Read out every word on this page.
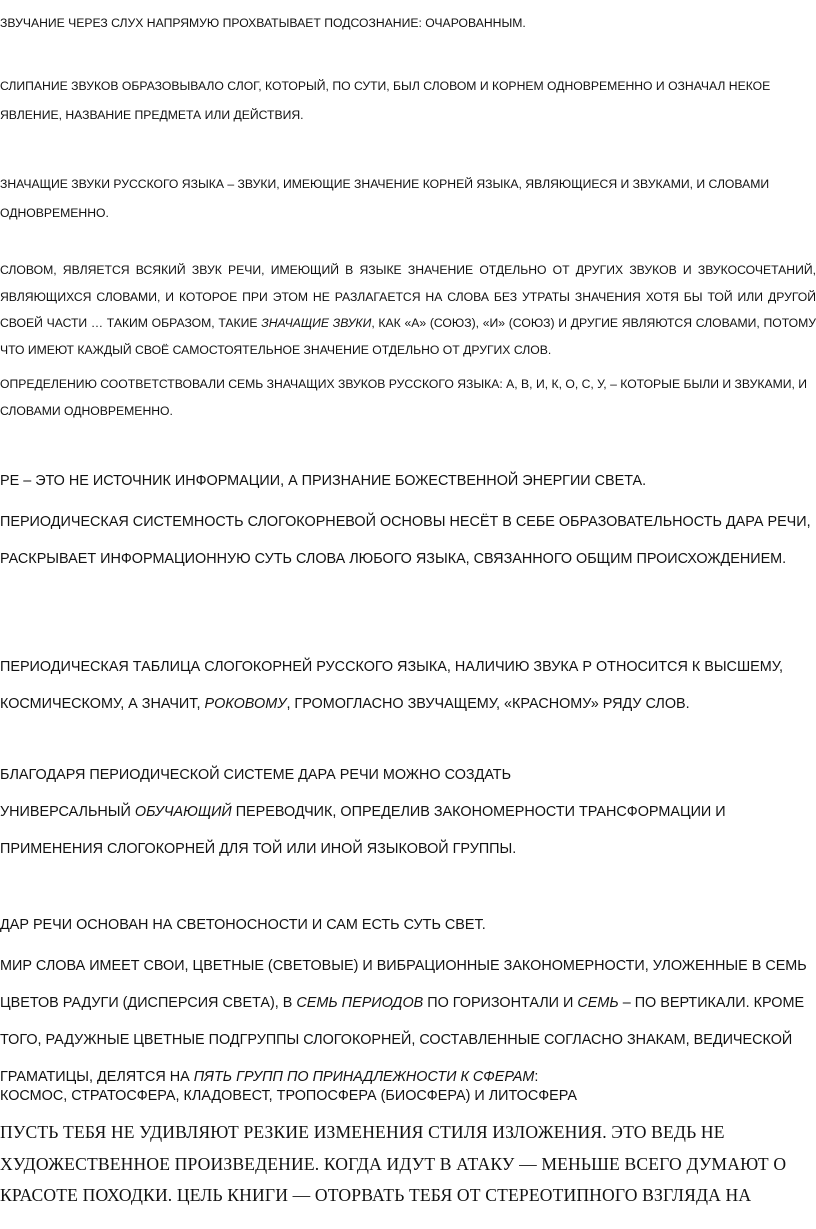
ЗВУЧАНИЕ ЧЕРЕЗ СЛУХ НАПРЯМУЮ ПРОХВАТЫВАЕТ ПОДСОЗНАНИЕ: ОЧАРОВАННЫМ.

СЛИПАНИЕ ЗВУКОВ ОБРАЗОВЫВАЛО СЛОГ, КОТОРЫЙ, ПО СУТИ, БЫЛ СЛОВОМ И КОРНЕМ ОДНОВРЕМЕННО И ОЗНАЧАЛ НЕКОЕ ЯВЛЕНИЕ, НАЗВАНИЕ ПРЕДМЕТА ИЛИ ДЕЙСТВИЯ.

ЗНАЧАЩИЕ ЗВУКИ РУССКОГО ЯЗЫКА – ЗВУКИ, ИМЕЮЩИЕ ЗНАЧЕНИЕ КОРНЕЙ ЯЗЫКА, ЯВЛЯЮЩИЕСЯ И ЗВУКАМИ, И СЛОВАМИ ОДНОВРЕМЕННО.

СЛОВОМ, ЯВЛЯЕТСЯ ВСЯКИЙ ЗВУК РЕЧИ, ИМЕЮЩИЙ В ЯЗЫКЕ ЗНАЧЕНИЕ ОТДЕЛЬНО ОТ ДРУГИХ ЗВУКОВ И ЗВУКОСОЧЕТАНИЙ, ЯВЛЯЮЩИХСЯ СЛОВАМИ, И КОТОРОЕ ПРИ ЭТОМ НЕ РАЗЛАГАЕТСЯ НА СЛОВА БЕЗ УТРАТЫ ЗНАЧЕНИЯ ХОТЯ БЫ ТОЙ ИЛИ ДРУГОЙ СВОЕЙ ЧАСТИ … ТАКИМ ОБРАЗОМ, ТАКИЕ ЗНАЧАЩИЕ ЗВУКИ, КАК «А» (СОЮЗ), «И» (СОЮЗ) И ДРУГИЕ ЯВЛЯЮТСЯ СЛОВАМИ, ПОТОМУ ЧТО ИМЕЮТ КАЖДЫЙ СВОЁ САМОСТОЯТЕЛЬНОЕ ЗНАЧЕНИЕ ОТДЕЛЬНО ОТ ДРУГИХ СЛОВ.

ОПРЕДЕЛЕНИЮ СООТВЕТСТВОВАЛИ СЕМЬ ЗНАЧАЩИХ ЗВУКОВ РУССКОГО ЯЗЫКА: А, В, И, К, О, С, У, – КОТОРЫЕ БЫЛИ И ЗВУКАМИ, И СЛОВАМИ ОДНОВРЕМЕННО.

РЕ – ЭТО НЕ ИСТОЧНИК ИНФОРМАЦИИ, А ПРИЗНАНИЕ БОЖЕСТВЕННОЙ ЭНЕРГИИ СВЕТА.

ПЕРИОДИЧЕСКАЯ СИСТЕМНОСТЬ СЛОГОКОРНЕВОЙ ОСНОВЫ НЕСЁТ В СЕБЕ ОБРАЗОВАТЕЛЬНОСТЬ ДАРА РЕЧИ, РАСКРЫВАЕТ ИНФОРМАЦИОННУЮ СУТЬ СЛОВА ЛЮБОГО ЯЗЫКА, СВЯЗАННОГО ОБЩИМ ПРОИСХОЖДЕНИЕМ.

ПЕРИОДИЧЕСКАЯ ТАБЛИЦА СЛОГОКОРНЕЙ РУССКОГО ЯЗЫКА, НАЛИЧИЮ ЗВУКА Р ОТНОСИТСЯ К ВЫСШЕМУ, КОСМИЧЕСКОМУ, А ЗНАЧИТ, РОКОВОМУ, ГРОМОГЛАСНО ЗВУЧАЩЕМУ, «КРАСНОМУ» РЯДУ СЛОВ.

БЛАГОДАРЯ ПЕРИОДИЧЕСКОЙ СИСТЕМЕ ДАРА РЕЧИ МОЖНО СОЗДАТЬ

УНИВЕРСАЛЬНЫЙ ОБУЧАЮЩИЙ ПЕРЕВОДЧИК, ОПРЕДЕЛИВ ЗАКОНОМЕРНОСТИ ТРАНСФОРМАЦИИ И ПРИМЕНЕНИЯ СЛОГОКОРНЕЙ ДЛЯ ТОЙ ИЛИ ИНОЙ ЯЗЫКОВОЙ ГРУППЫ.

ДАР РЕЧИ ОСНОВАН НА СВЕТОНОСНОСТИ И САМ ЕСТЬ СУТЬ СВЕТ.

МИР СЛОВА ИМЕЕТ СВОИ, ЦВЕТНЫЕ (СВЕТОВЫЕ) И ВИБРАЦИОННЫЕ ЗАКОНОМЕРНОСТИ, УЛОЖЕННЫЕ В СЕМЬ ЦВЕТОВ РАДУГИ (ДИСПЕРСИЯ СВЕТА), В СЕМЬ ПЕРИОДОВ ПО ГОРИЗОНТАЛИ И СЕМЬ – ПО ВЕРТИКАЛИ. КРОМЕ ТОГО, РАДУЖНЫЕ ЦВЕТНЫЕ ПОДГРУППЫ СЛОГОКОРНЕЙ, СОСТАВЛЕННЫЕ СОГЛАСНО ЗНАКАМ, ВЕДИЧЕСКОЙ ГРАМАТИЦЫ, ДЕЛЯТСЯ НА ПЯТЬ ГРУПП ПО ПРИНАДЛЕЖНОСТИ К СФЕРАМ:

КОСМОС, СТРАТОСФЕРА, КЛАДОВЕСТ, ТРОПОСФЕРА (БИОСФЕРА) И ЛИТОСФЕРА

ПУСТЬ ТЕБЯ НЕ УДИВЛЯЮТ РЕЗКИЕ ИЗМЕНЕНИЯ СТИЛЯ ИЗЛОЖЕНИЯ. ЭТО ВЕДЬ НЕ ХУДОЖЕСТВЕННОЕ ПРОИЗВЕДЕНИЕ. КОГДА ИДУТ В АТАКУ — МЕНЬШЕ ВСЕГО ДУМАЮТ О КРАСОТЕ ПОХОДКИ. ЦЕЛЬ КНИГИ — ОТОРВАТЬ ТЕБЯ ОТ СТЕРЕОТИПНОГО ВЗГЛЯДА НА
